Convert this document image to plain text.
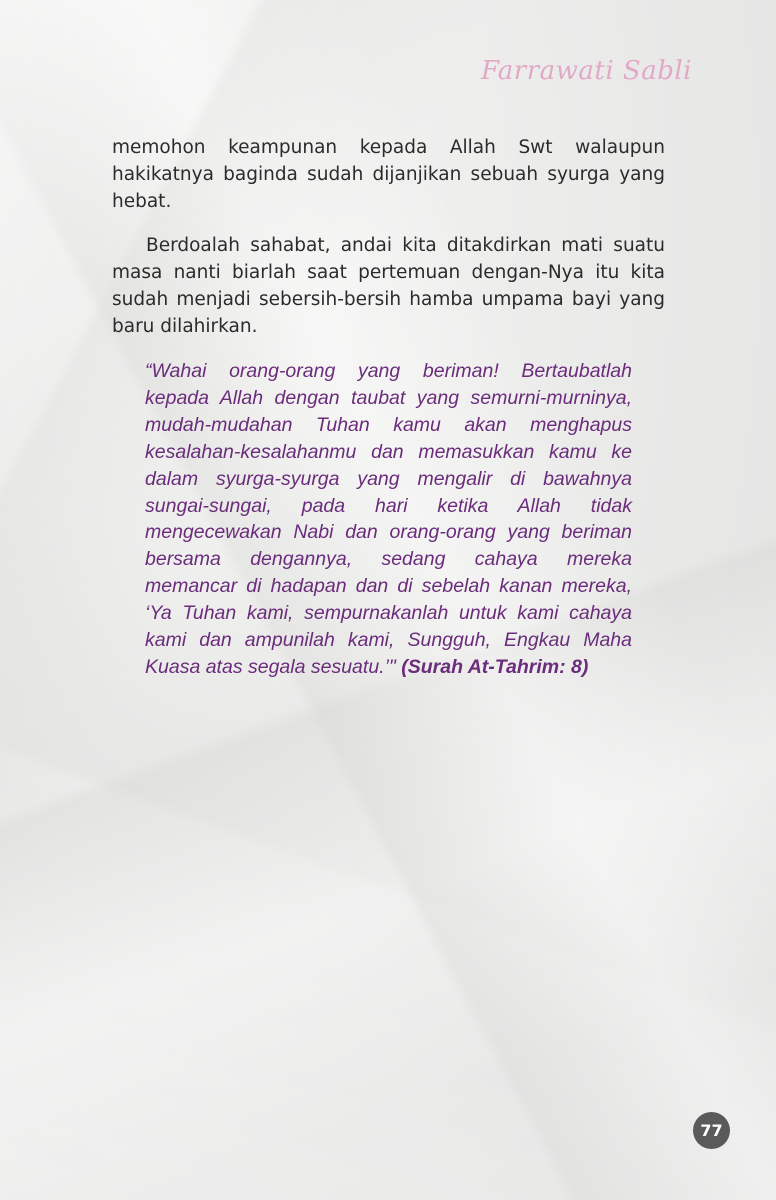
Farrawati Sabli

memohon keampunan kepada Allah Swt walaupun hakikatnya baginda sudah dijanjikan sebuah syurga yang hebat.

Berdoalah sahabat, andai kita ditakdirkan mati suatu masa nanti biarlah saat pertemuan dengan-Nya itu kita sudah menjadi sebersih-bersih hamba umpama bayi yang baru dilahirkan.

“Wahai orang-orang yang beriman! Bertaubatlah kepada Allah dengan taubat yang semurni-murninya, mudah-mudahan Tuhan kamu akan menghapus kesalahan-kesalahanmu dan memasukkan kamu ke dalam syurga-syurga yang mengalir di bawahnya sungai-sungai, pada hari ketika Allah tidak mengecewakan Nabi dan orang-orang yang beriman bersama dengannya, sedang cahaya mereka memancar di hadapan dan di sebelah kanan mereka, ‘Ya Tuhan kami, sempurnakanlah untuk kami cahaya kami dan ampunilah kami, Sungguh, Engkau Maha Kuasa atas segala sesuatu.’" (Surah At-Tahrim: 8)

77
